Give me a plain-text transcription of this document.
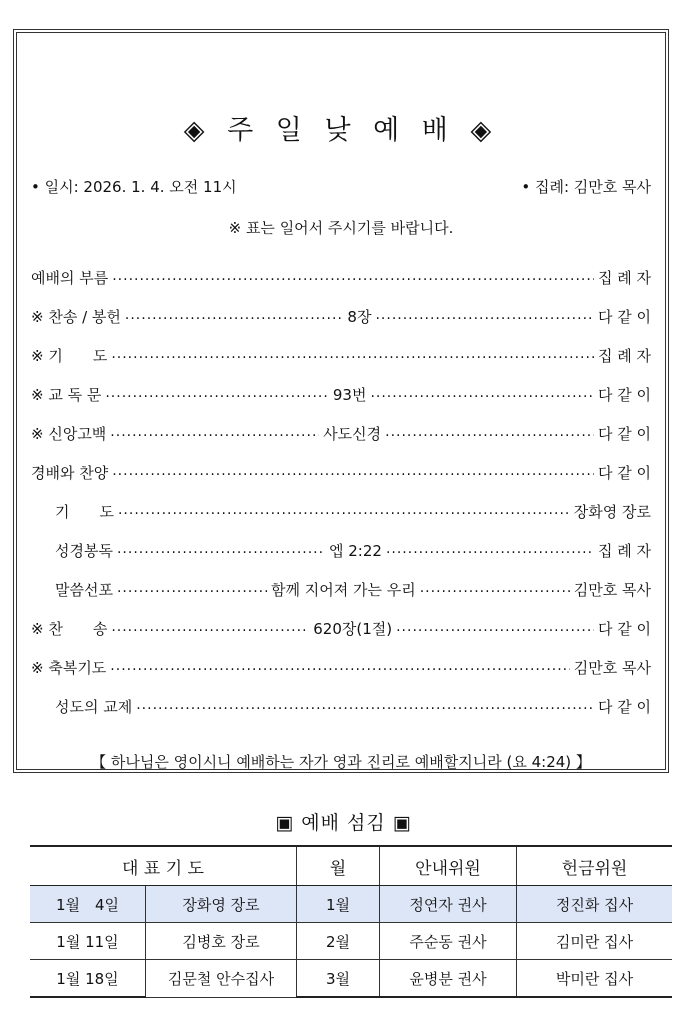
◈ 주 일 낮 예 배 ◈
• 일시: 2026. 1. 4. 오전 11시	• 집례: 김만호 목사
※ 표는 일어서 주시기를 바랍니다.
예배의 부름 .....	집 례 자
※ 찬송 / 봉헌 .....	8장 .....	다 같 이
※ 기　　도 .....	집 례 자
※ 교 독 문 .....	93번 .....	다 같 이
※ 신앙고백 .....	사도신경 .....	다 같 이
경배와 찬양 .....	다 같 이
기　　도 .....	장화영 장로
성경봉독 .....	엡 2:22 .....	집 례 자
말씀선포 .....	함께 지어져 가는 우리 .....	김만호 목사
※ 찬　　송 .....	620장(1절) .....	다 같 이
※ 축복기도 .....	김만호 목사
성도의 교제 .....	다 같 이
【 하나님은 영이시니 예배하는 자가 영과 진리로 예배할지니라 (요 4:24) 】
▣ 예배 섬김 ▣
대 표 기 도		월	안내위원	헌금위원
1월　4일	장화영 장로	1월	정연자 권사	정진화 집사
1월 11일	김병호 장로	2월	주순동 권사	김미란 집사
1월 18일	김문철 안수집사	3월	윤병분 권사	박미란 집사
